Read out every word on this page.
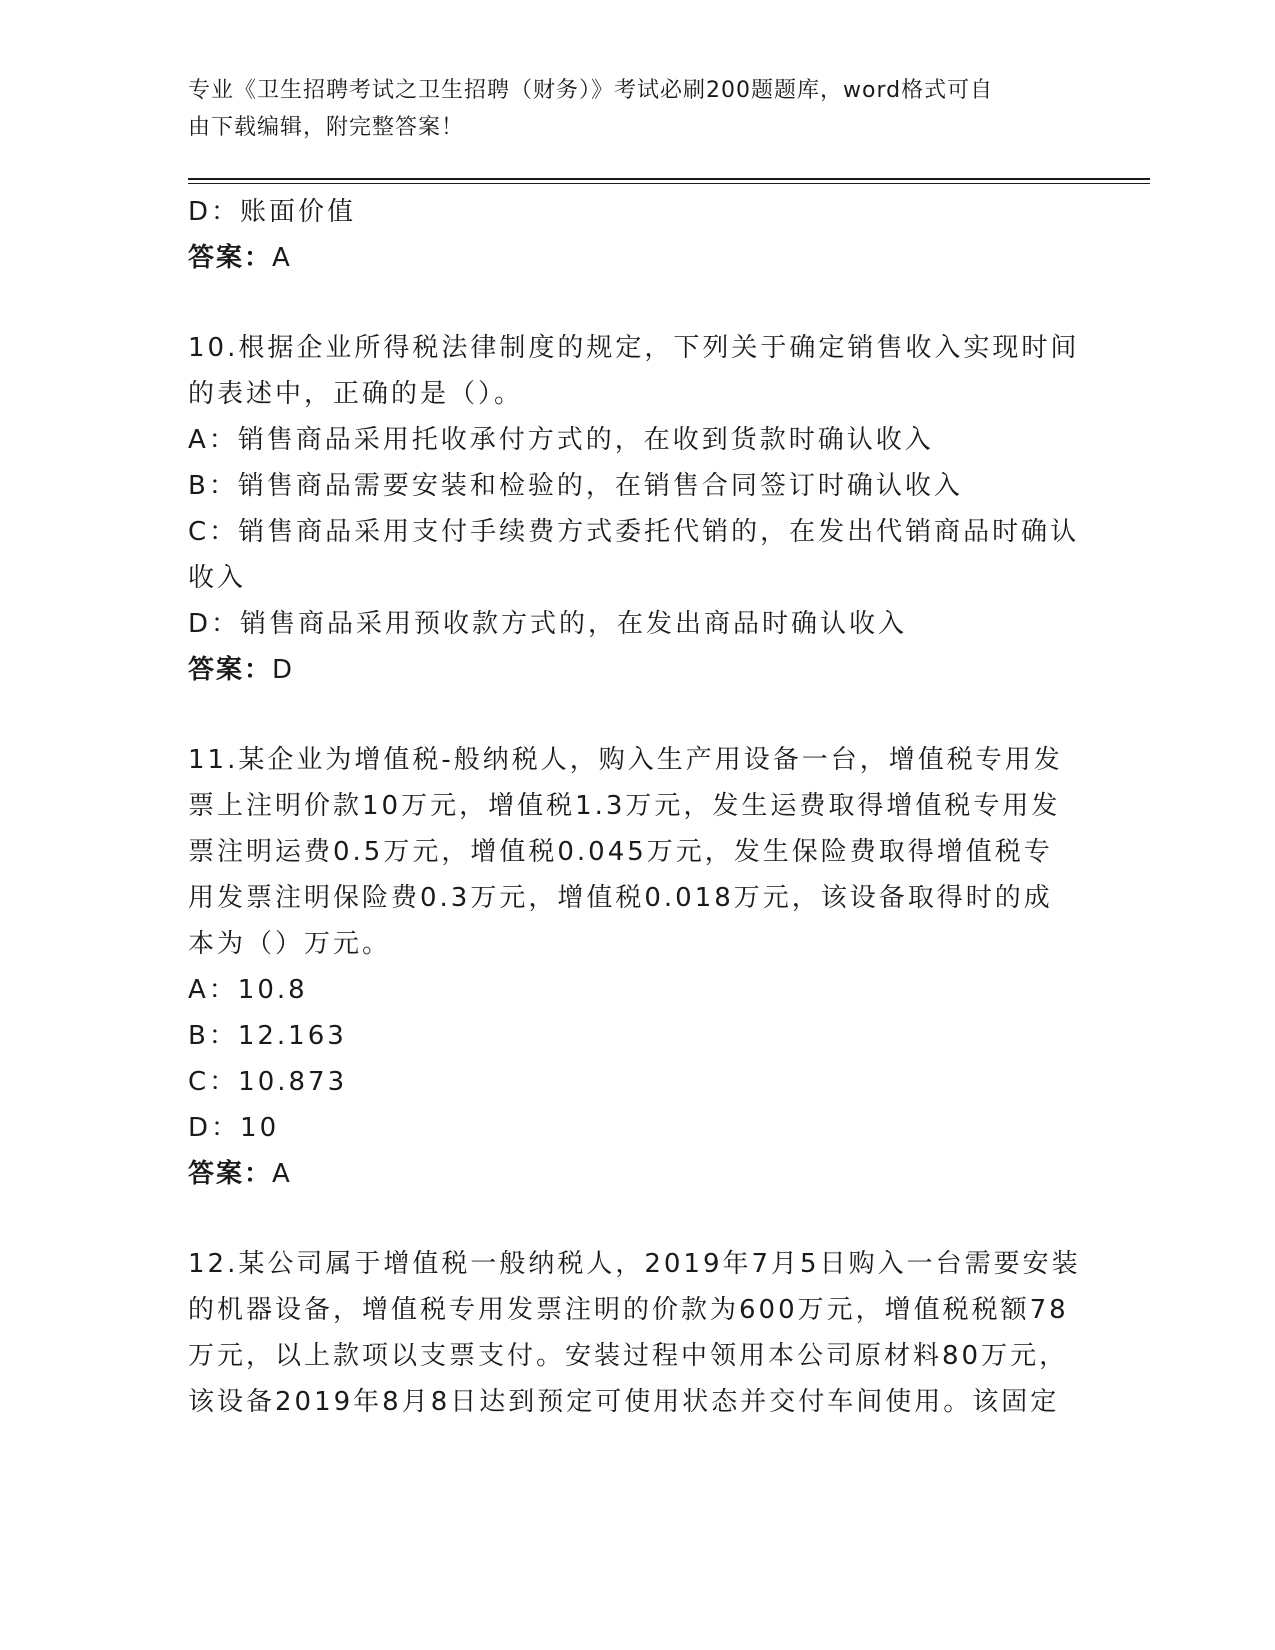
专业《卫生招聘考试之卫生招聘（财务）》考试必刷200题题库，word格式可自
由下载编辑，附完整答案！
D：账面价值
答案：A
10.根据企业所得税法律制度的规定，下列关于确定销售收入实现时间
的表述中，正确的是（）。
A：销售商品采用托收承付方式的，在收到货款时确认收入
B：销售商品需要安装和检验的，在销售合同签订时确认收入
C：销售商品采用支付手续费方式委托代销的，在发出代销商品时确认
收入
D：销售商品采用预收款方式的，在发出商品时确认收入
答案：D
11.某企业为增值税-般纳税人，购入生产用设备一台，增值税专用发
票上注明价款10万元，增值税1.3万元，发生运费取得增值税专用发
票注明运费0.5万元，增值税0.045万元，发生保险费取得增值税专
用发票注明保险费0.3万元，增值税0.018万元，该设备取得时的成
本为（）万元。
A：10.8
B：12.163
C：10.873
D：10
答案：A
12.某公司属于增值税一般纳税人，2019年7月5日购入一台需要安装
的机器设备，增值税专用发票注明的价款为600万元，增值税税额78
万元，以上款项以支票支付。安装过程中领用本公司原材料80万元，
该设备2019年8月8日达到预定可使用状态并交付车间使用。该固定
